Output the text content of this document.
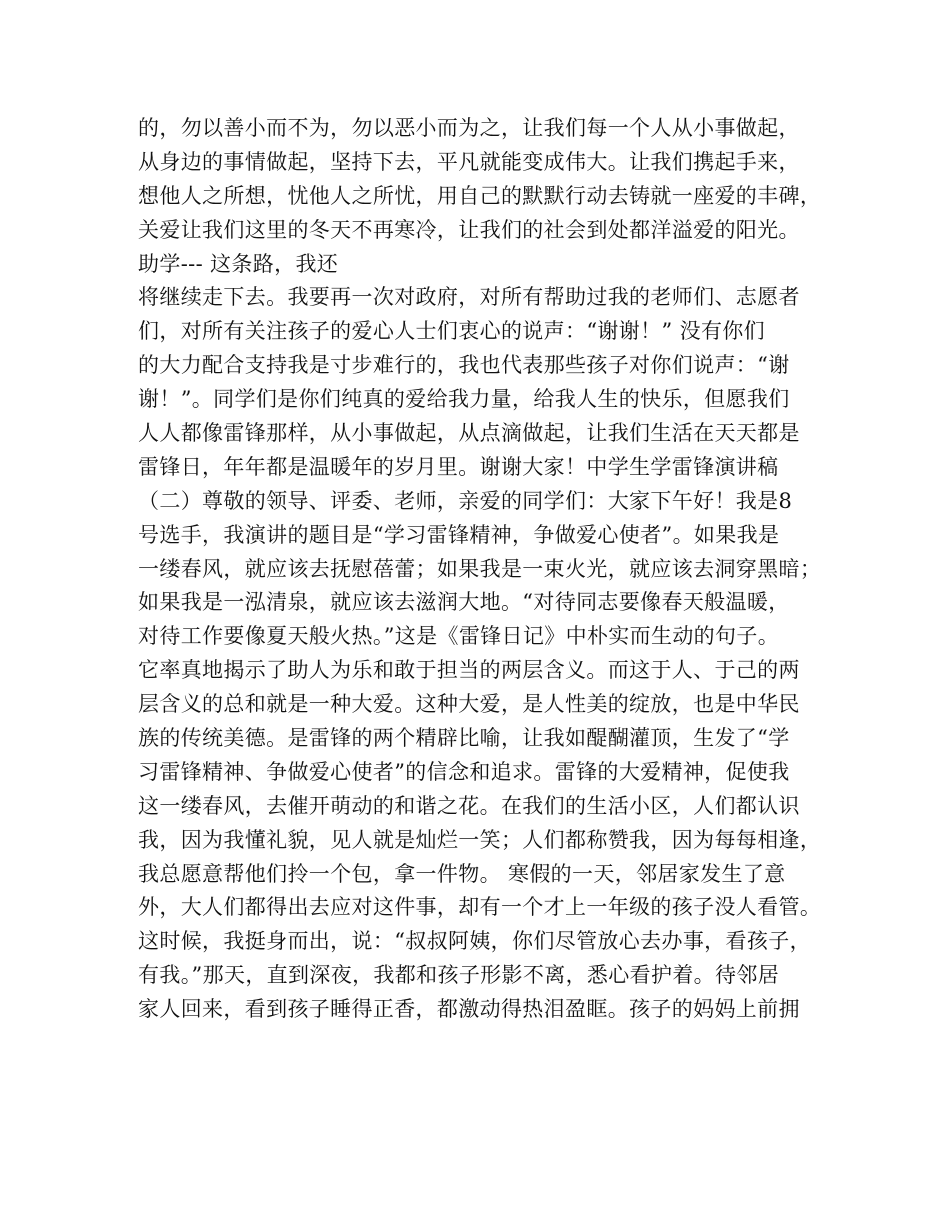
的，勿以善小而不为，勿以恶小而为之，让我们每一个人从小事做起，
从身边的事情做起，坚持下去，平凡就能变成伟大。让我们携起手来，
想他人之所想，忧他人之所忧，用自己的默默行动去铸就一座爱的丰碑，
关爱让我们这里的冬天不再寒冷，让我们的社会到处都洋溢爱的阳光。
助学--- 这条路，我还
将继续走下去。我要再一次对政府，对所有帮助过我的老师们、志愿者
们，对所有关注孩子的爱心人士们衷心的说声：“谢谢！” 没有你们
的大力配合支持我是寸步难行的，我也代表那些孩子对你们说声：“谢
谢！”。同学们是你们纯真的爱给我力量，给我人生的快乐，但愿我们
人人都像雷锋那样，从小事做起，从点滴做起，让我们生活在天天都是
雷锋日，年年都是温暖年的岁月里。谢谢大家！中学生学雷锋演讲稿
（二）尊敬的领导、评委、老师，亲爱的同学们：大家下午好！我是8
号选手，我演讲的题目是“学习雷锋精神，争做爱心使者”。如果我是
一缕春风，就应该去抚慰蓓蕾；如果我是一束火光，就应该去洞穿黑暗；
如果我是一泓清泉，就应该去滋润大地。“对待同志要像春天般温暖，
对待工作要像夏天般火热。”这是《雷锋日记》中朴实而生动的句子。
它率真地揭示了助人为乐和敢于担当的两层含义。而这于人、于己的两
层含义的总和就是一种大爱。这种大爱，是人性美的绽放，也是中华民
族的传统美德。是雷锋的两个精辟比喻，让我如醍醐灌顶，生发了“学
习雷锋精神、争做爱心使者”的信念和追求。雷锋的大爱精神，促使我
这一缕春风，去催开萌动的和谐之花。在我们的生活小区，人们都认识
我，因为我懂礼貌，见人就是灿烂一笑；人们都称赞我，因为每每相逢，
我总愿意帮他们拎一个包，拿一件物。 寒假的一天，邻居家发生了意
外，大人们都得出去应对这件事，却有一个才上一年级的孩子没人看管。
这时候，我挺身而出，说：“叔叔阿姨，你们尽管放心去办事，看孩子，
有我。”那天，直到深夜，我都和孩子形影不离，悉心看护着。待邻居
家人回来，看到孩子睡得正香，都激动得热泪盈眶。孩子的妈妈上前拥
